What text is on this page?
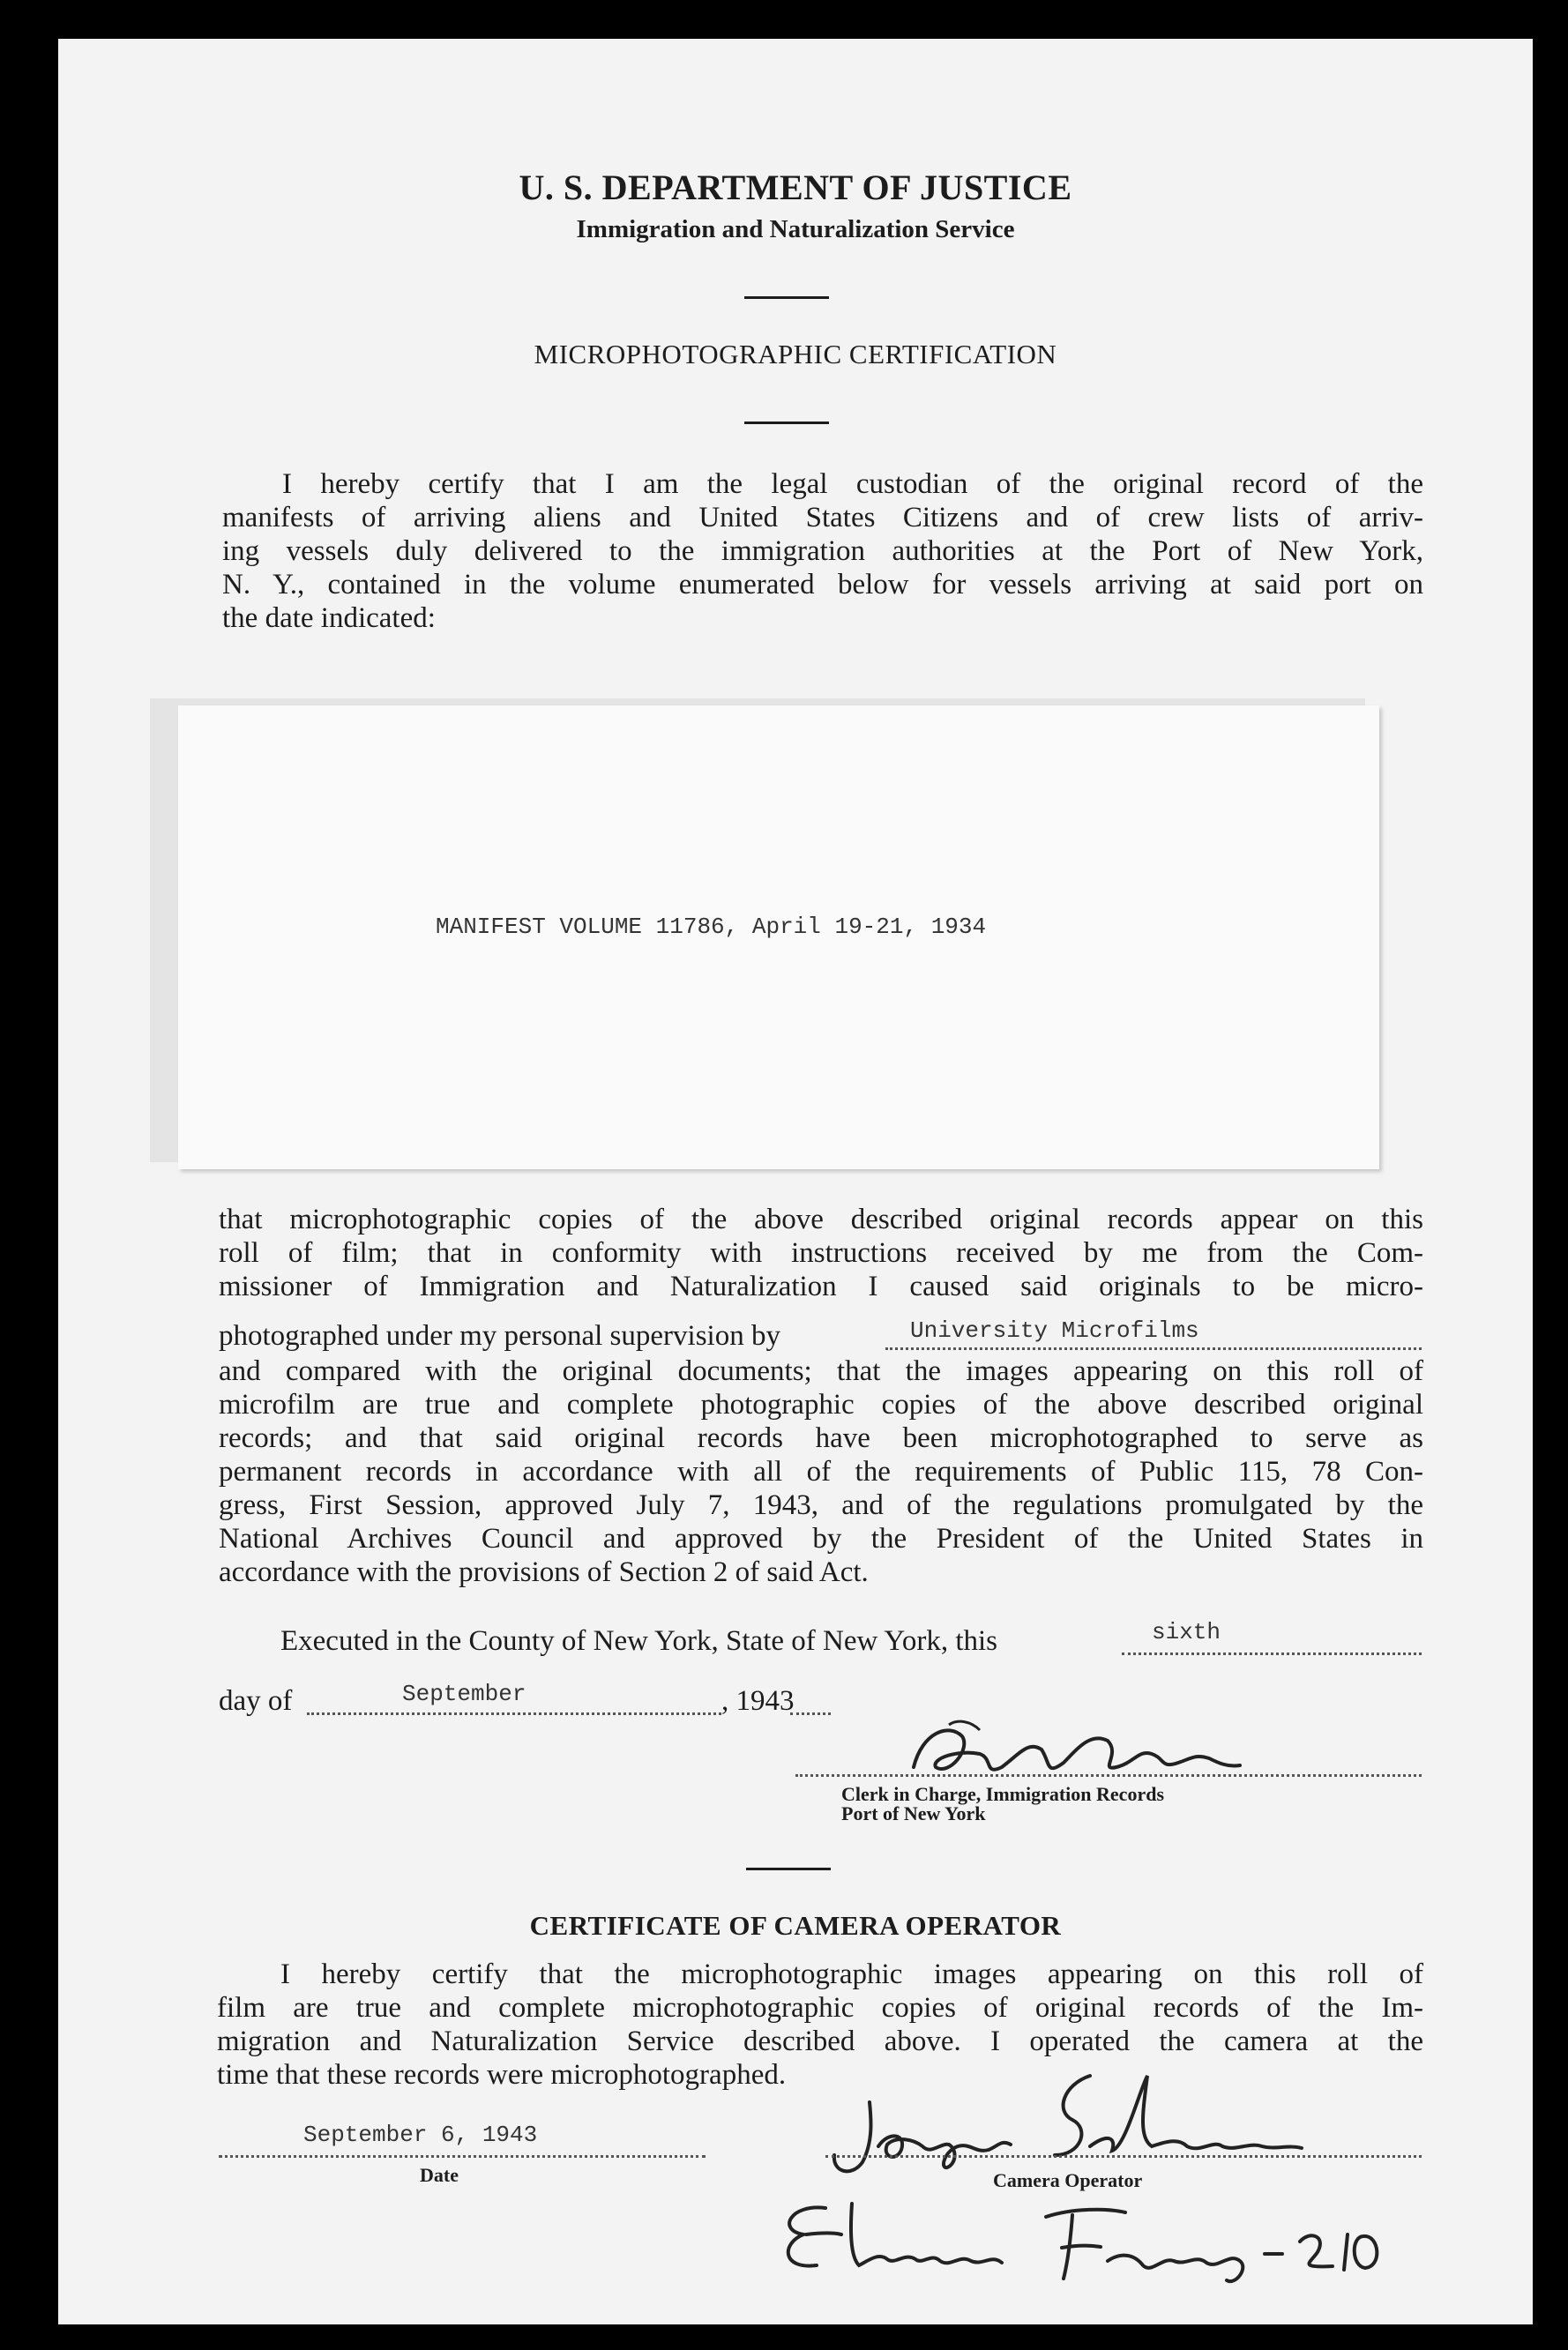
U. S. DEPARTMENT OF JUSTICE
Immigration and Naturalization Service
MICROPHOTOGRAPHIC CERTIFICATION
I hereby certify that I am the legal custodian of the original record of the
manifests of arriving aliens and United States Citizens and of crew lists of arriv-
ing vessels duly delivered to the immigration authorities at the Port of New York,
N. Y., contained in the volume enumerated below for vessels arriving at said port on
the date indicated:
MANIFEST VOLUME 11786, April 19-21, 1934
that microphotographic copies of the above described original records appear on this
roll of film; that in conformity with instructions received by me from the Com-
missioner of Immigration and Naturalization I caused said originals to be micro-
photographed under my personal supervision by	University Microfilms
and compared with the original documents; that the images appearing on this roll of
microfilm are true and complete photographic copies of the above described original
records; and that said original records have been microphotographed to serve as
permanent records in accordance with all of the requirements of Public 115, 78 Con-
gress, First Session, approved July 7, 1943, and of the regulations promulgated by the
National Archives Council and approved by the President of the United States in
accordance with the provisions of Section 2 of said Act.
Executed in the County of New York, State of New York, this	sixth
day of	September	, 1943
Clerk in Charge, Immigration Records
Port of New York
CERTIFICATE OF CAMERA OPERATOR
I hereby certify that the microphotographic images appearing on this roll of
film are true and complete microphotographic copies of original records of the Im-
migration and Naturalization Service described above. I operated the camera at the
time that these records were microphotographed.
September 6, 1943
Date	Camera Operator
